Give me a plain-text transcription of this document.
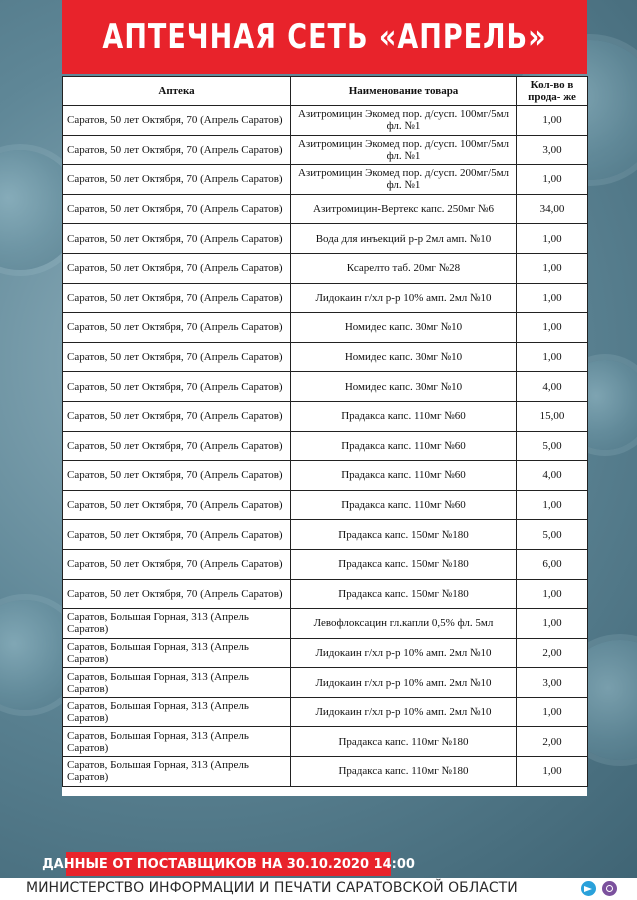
АПТЕЧНАЯ СЕТЬ «АПРЕЛЬ»
Аптека	Наименование товара	Кол-во в прода- же
Саратов, 50 лет Октября, 70 (Апрель Саратов)	Азитромицин Экомед пор. д/сусп. 100мг/5мл фл. №1	1,00
Саратов, 50 лет Октября, 70 (Апрель Саратов)	Азитромицин Экомед пор. д/сусп. 100мг/5мл фл. №1	3,00
Саратов, 50 лет Октября, 70 (Апрель Саратов)	Азитромицин Экомед пор. д/сусп. 200мг/5мл фл. №1	1,00
Саратов, 50 лет Октября, 70 (Апрель Саратов)	Азитромицин-Вертекс капс. 250мг №6	34,00
Саратов, 50 лет Октября, 70 (Апрель Саратов)	Вода для инъекций р-р 2мл амп. №10	1,00
Саратов, 50 лет Октября, 70 (Апрель Саратов)	Ксарелто таб. 20мг №28	1,00
Саратов, 50 лет Октября, 70 (Апрель Саратов)	Лидокаин г/хл р-р 10% амп. 2мл №10	1,00
Саратов, 50 лет Октября, 70 (Апрель Саратов)	Номидес капс. 30мг №10	1,00
Саратов, 50 лет Октября, 70 (Апрель Саратов)	Номидес капс. 30мг №10	1,00
Саратов, 50 лет Октября, 70 (Апрель Саратов)	Номидес капс. 30мг №10	4,00
Саратов, 50 лет Октября, 70 (Апрель Саратов)	Прадакса капс. 110мг №60	15,00
Саратов, 50 лет Октября, 70 (Апрель Саратов)	Прадакса капс. 110мг №60	5,00
Саратов, 50 лет Октября, 70 (Апрель Саратов)	Прадакса капс. 110мг №60	4,00
Саратов, 50 лет Октября, 70 (Апрель Саратов)	Прадакса капс. 110мг №60	1,00
Саратов, 50 лет Октября, 70 (Апрель Саратов)	Прадакса капс. 150мг №180	5,00
Саратов, 50 лет Октября, 70 (Апрель Саратов)	Прадакса капс. 150мг №180	6,00
Саратов, 50 лет Октября, 70 (Апрель Саратов)	Прадакса капс. 150мг №180	1,00
Саратов, Большая Горная, 313 (Апрель Саратов)	Левофлоксацин гл.капли 0,5% фл. 5мл	1,00
Саратов, Большая Горная, 313 (Апрель Саратов)	Лидокаин г/хл р-р 10% амп. 2мл №10	2,00
Саратов, Большая Горная, 313 (Апрель Саратов)	Лидокаин г/хл р-р 10% амп. 2мл №10	3,00
Саратов, Большая Горная, 313 (Апрель Саратов)	Лидокаин г/хл р-р 10% амп. 2мл №10	1,00
Саратов, Большая Горная, 313 (Апрель Саратов)	Прадакса капс. 110мг №180	2,00
Саратов, Большая Горная, 313 (Апрель Саратов)	Прадакса капс. 110мг №180	1,00
ДАННЫЕ ОТ ПОСТАВЩИКОВ НА 30.10.2020 14:00
МИНИСТЕРСТВО ИНФОРМАЦИИ И ПЕЧАТИ САРАТОВСКОЙ ОБЛАСТИ
